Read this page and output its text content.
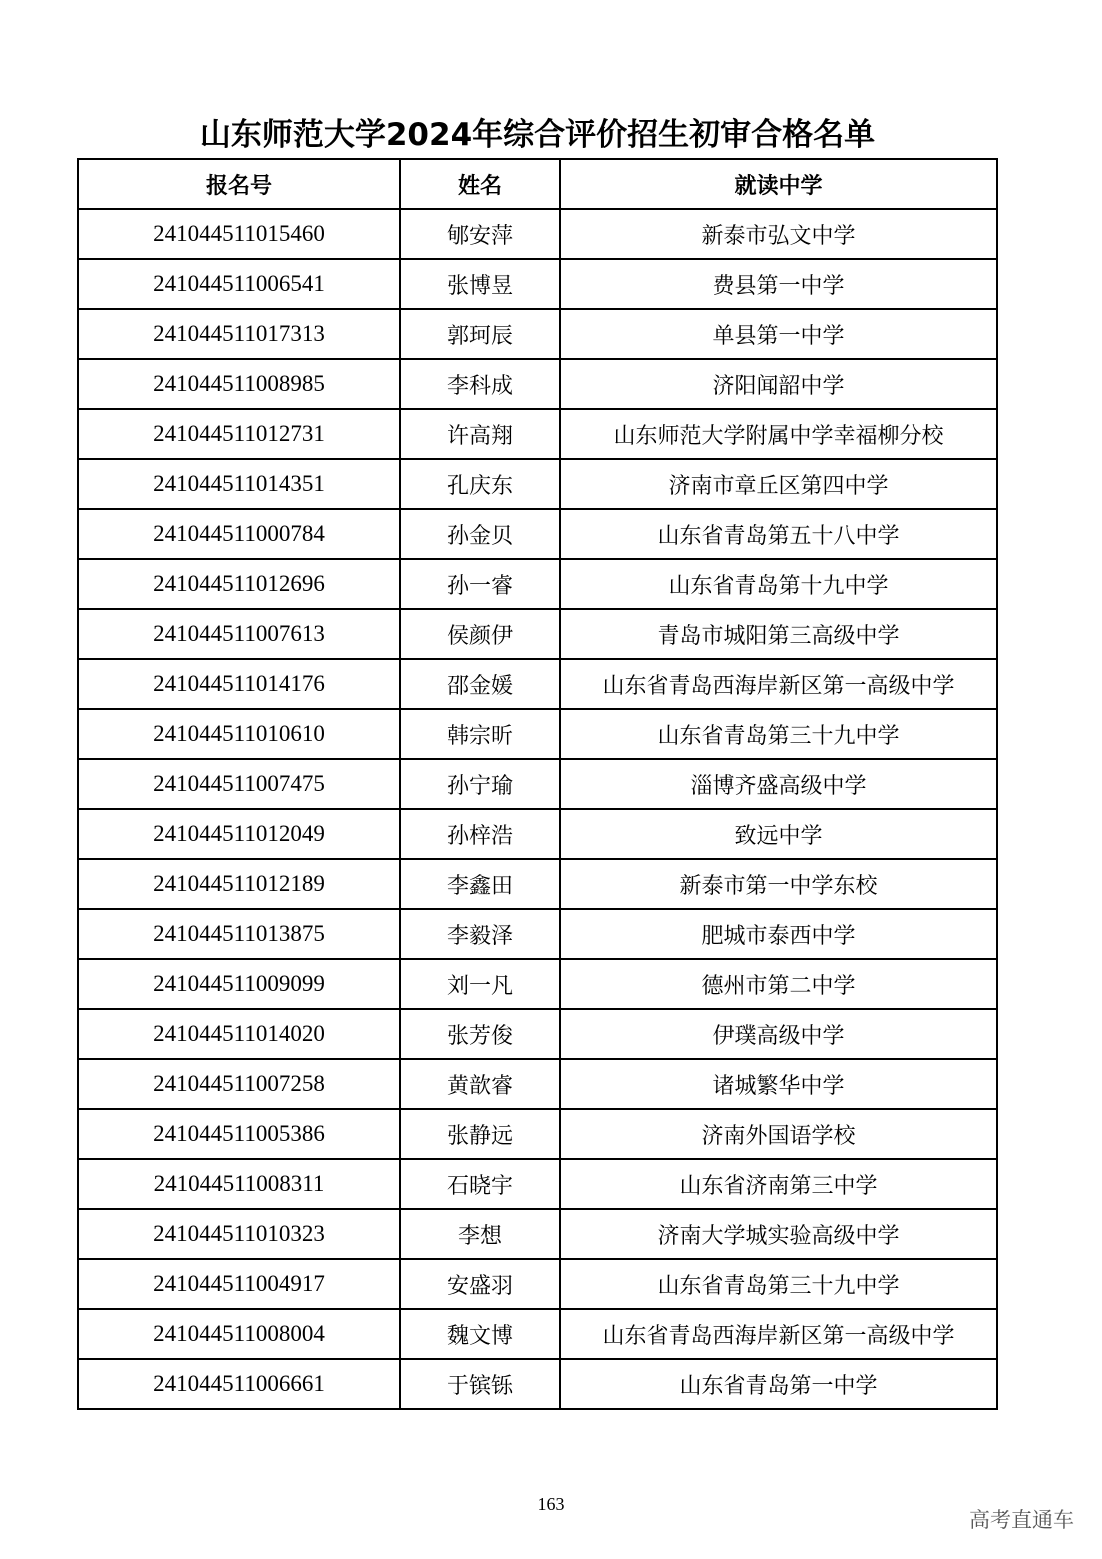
山东师范大学2024年综合评价招生初审合格名单
报名号	姓名	就读中学
241044511015460	郇安萍	新泰市弘文中学
241044511006541	张博昱	费县第一中学
241044511017313	郭珂辰	单县第一中学
241044511008985	李科成	济阳闻韶中学
241044511012731	许高翔	山东师范大学附属中学幸福柳分校
241044511014351	孔庆东	济南市章丘区第四中学
241044511000784	孙金贝	山东省青岛第五十八中学
241044511012696	孙一睿	山东省青岛第十九中学
241044511007613	侯颜伊	青岛市城阳第三高级中学
241044511014176	邵金媛	山东省青岛西海岸新区第一高级中学
241044511010610	韩宗昕	山东省青岛第三十九中学
241044511007475	孙宁瑜	淄博齐盛高级中学
241044511012049	孙梓浩	致远中学
241044511012189	李鑫田	新泰市第一中学东校
241044511013875	李毅泽	肥城市泰西中学
241044511009099	刘一凡	德州市第二中学
241044511014020	张芳俊	伊璞高级中学
241044511007258	黄歆睿	诸城繁华中学
241044511005386	张静远	济南外国语学校
241044511008311	石晓宇	山东省济南第三中学
241044511010323	李想	济南大学城实验高级中学
241044511004917	安盛羽	山东省青岛第三十九中学
241044511008004	魏文博	山东省青岛西海岸新区第一高级中学
241044511006661	于镔铄	山东省青岛第一中学
163
高考直通车
